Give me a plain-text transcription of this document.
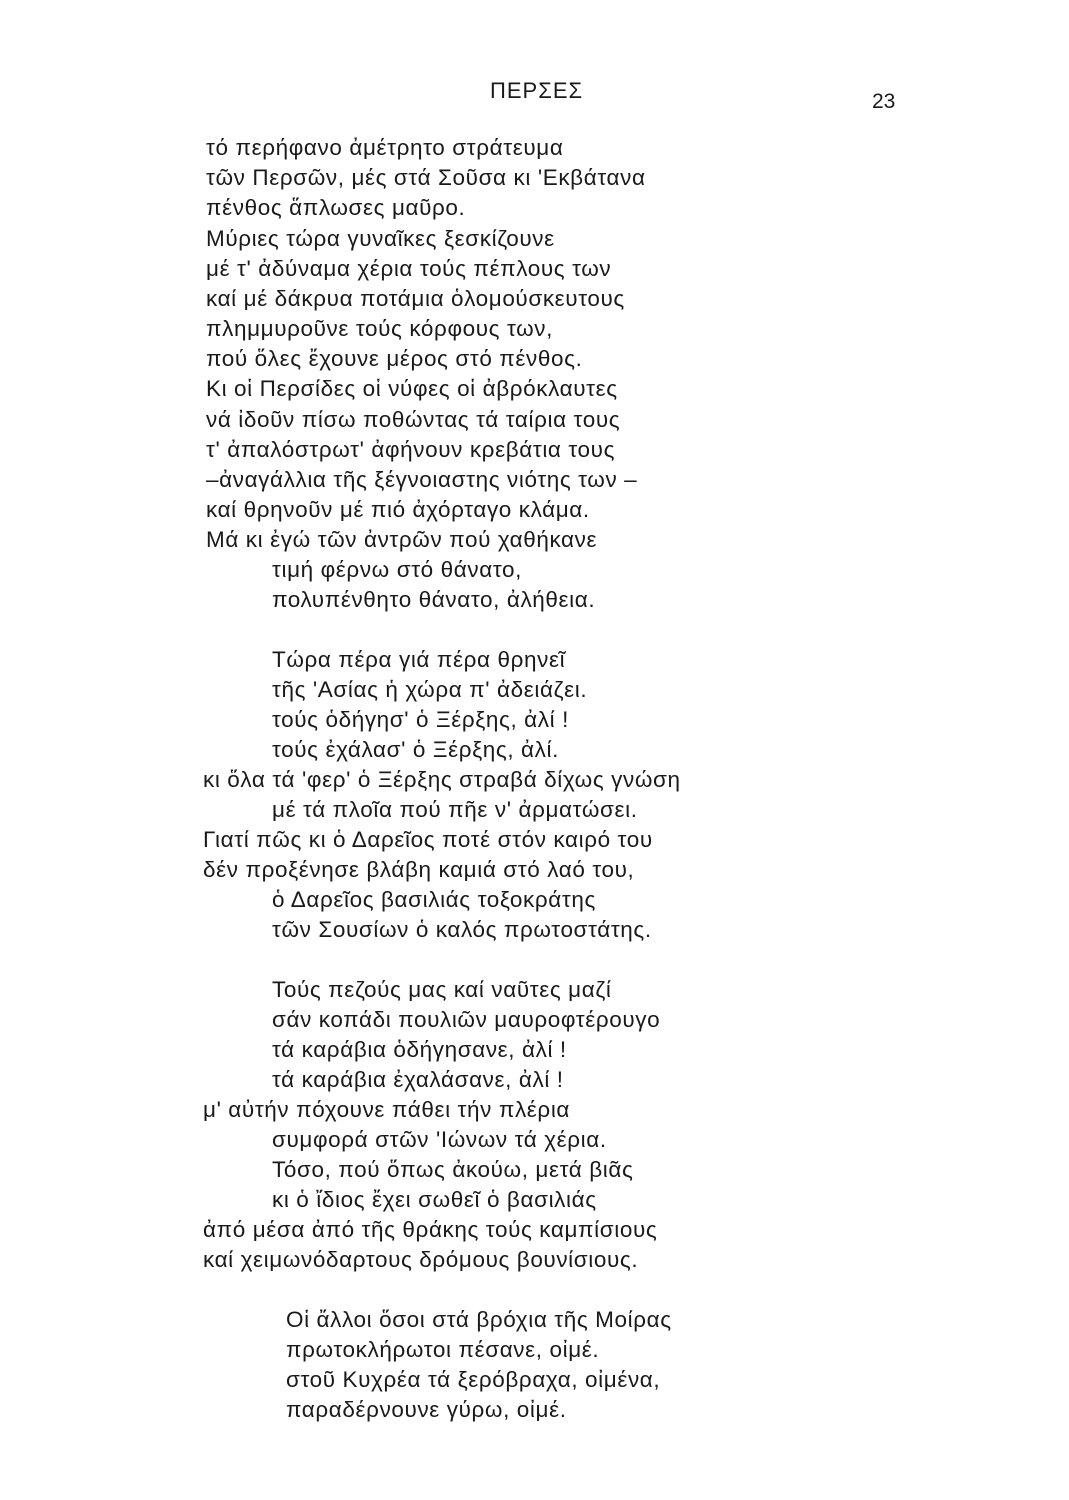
ΠΕΡΣΕΣ	23
τό περήφανο ἀμέτρητο στράτευμα
τῶν Περσῶν, μές στά Σοῦσα κι 'Εκβάτανα
πένθος ἅπλωσες μαῦρο.
Μύριες τώρα γυναῖκες ξεσκίζουνε
μέ τ' ἀδύναμα χέρια τούς πέπλους των
καί μέ δάκρυα ποτάμια ὁλομούσκευτους
πλημμυροῦνε τούς κόρφους των,
πού ὅλες ἔχουνε μέρος στό πένθος.
Κι οἱ Περσίδες οἱ νύφες οἱ ἀβρόκλαυτες
νά ἰδοῦν πίσω ποθώντας τά ταίρια τους
τ' ἀπαλόστρωτ' ἀφήνουν κρεβάτια τους
–ἀναγάλλια τῆς ξέγνοιαστης νιότης των –
καί θρηνοῦν μέ πιό ἀχόρταγο κλάμα.
Μά κι ἐγώ τῶν ἀντρῶν πού χαθήκανε
τιμή φέρνω στό θάνατο,
πολυπένθητο θάνατο, ἀλήθεια.
Τώρα πέρα γιά πέρα θρηνεῖ
τῆς 'Ασίας ἡ χώρα π' ἀδειάζει.
τούς ὁδήγησ' ὁ Ξέρξης, ἀλί !
τούς ἐχάλασ' ὁ Ξέρξης, ἀλί.
κι ὅλα τά 'φερ' ὁ Ξέρξης στραβά δίχως γνώση
μέ τά πλοῖα πού πῆε ν' ἀρματώσει.
Γιατί πῶς κι ὁ Δαρεῖος ποτέ στόν καιρό του
δέν προξένησε βλάβη καμιά στό λαό του,
ὁ Δαρεῖος βασιλιάς τοξοκράτης
τῶν Σουσίων ὁ καλός πρωτοστάτης.
Τούς πεζούς μας καί ναῦτες μαζί
σάν κοπάδι πουλιῶν μαυροφτέρουγο
τά καράβια ὁδήγησανε, ἀλί !
τά καράβια ἐχαλάσανε, ἀλί !
μ' αὐτήν πόχουνε πάθει τήν πλέρια
συμφορά στῶν 'Ιώνων τά χέρια.
Τόσο, πού ὅπως ἀκούω, μετά βιᾶς
κι ὁ ἴδιος ἔχει σωθεῖ ὁ βασιλιάς
ἀπό μέσα ἀπό τῆς θράκης τούς καμπίσιους
καί χειμωνόδαρτους δρόμους βουνίσιους.
Οἱ ἄλλοι ὅσοι στά βρόχια τῆς Μοίρας
πρωτοκλήρωτοι πέσανε, οἰμέ.
στοῦ Κυχρέα τά ξερόβραχα, οἰμένα,
παραδέρνουνε γύρω, οἰμέ.
